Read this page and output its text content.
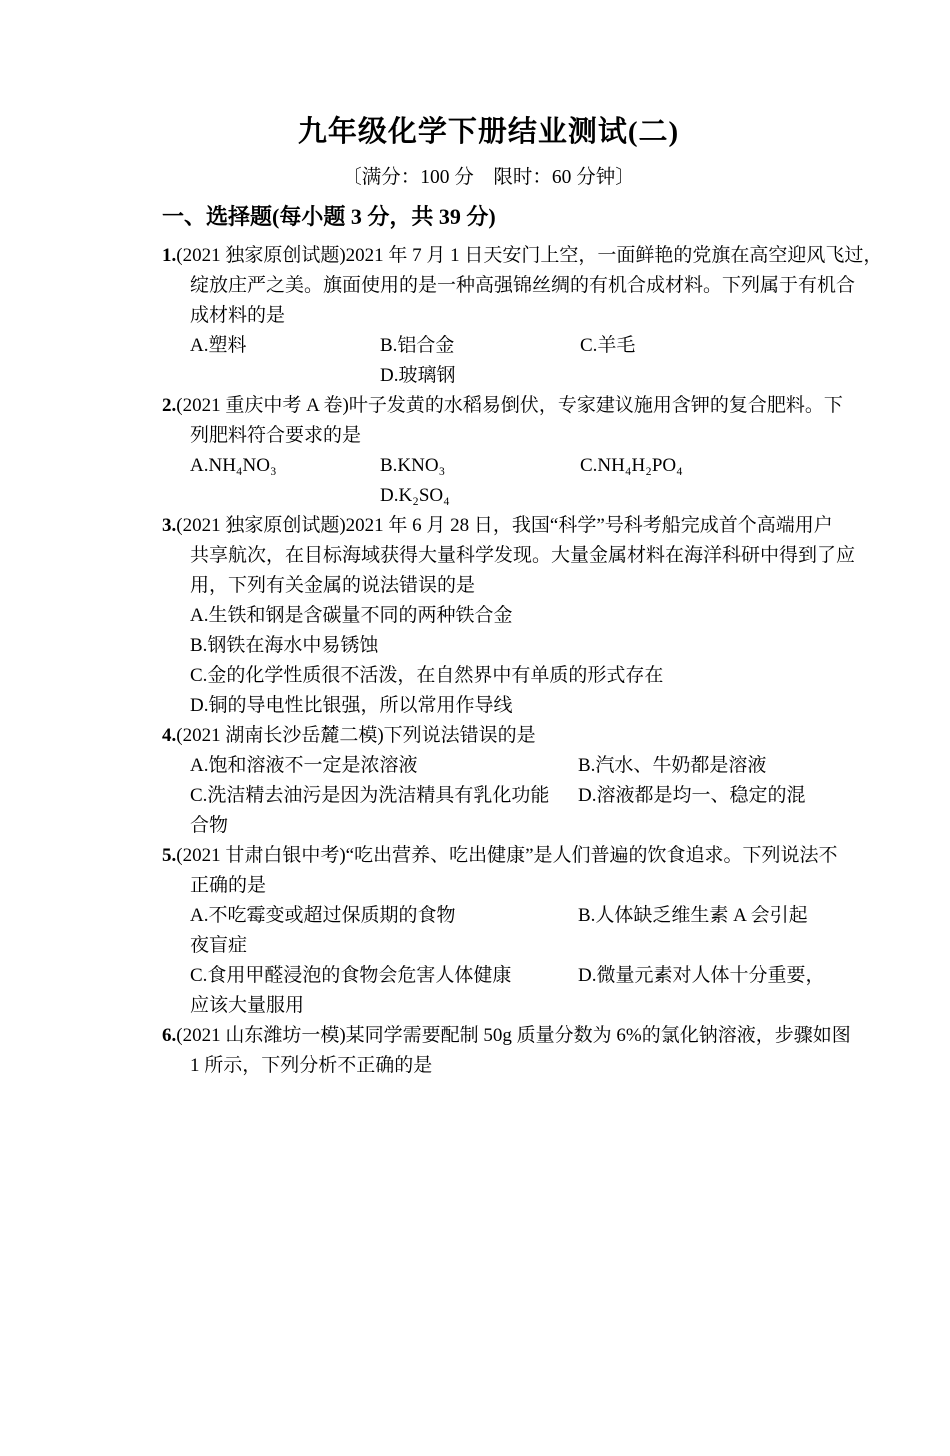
九年级化学下册结业测试(二)
〔满分：100 分　限时：60 分钟〕
一、选择题(每小题 3 分，共 39 分)
1.(2021 独家原创试题)2021 年 7 月 1 日天安门上空，一面鲜艳的党旗在高空迎风飞过，
绽放庄严之美。旗面使用的是一种高强锦丝绸的有机合成材料。下列属于有机合
成材料的是
A.塑料	B.铝合金	C.羊毛
D.玻璃钢
2.(2021 重庆中考 A 卷)叶子发黄的水稻易倒伏，专家建议施用含钾的复合肥料。下
列肥料符合要求的是
A.NH₄NO₃	B.KNO₃	C.NH₄H₂PO₄
D.K₂SO₄
3.(2021 独家原创试题)2021 年 6 月 28 日，我国“科学”号科考船完成首个高端用户
共享航次，在目标海域获得大量科学发现。大量金属材料在海洋科研中得到了应
用，下列有关金属的说法错误的是
A.生铁和钢是含碳量不同的两种铁合金
B.钢铁在海水中易锈蚀
C.金的化学性质很不活泼，在自然界中有单质的形式存在
D.铜的导电性比银强，所以常用作导线
4.(2021 湖南长沙岳麓二模)下列说法错误的是
A.饱和溶液不一定是浓溶液	B.汽水、牛奶都是溶液
C.洗洁精去油污是因为洗洁精具有乳化功能 D.溶液都是均一、稳定的混
合物
5.(2021 甘肃白银中考)“吃出营养、吃出健康”是人们普遍的饮食追求。下列说法不
正确的是
A.不吃霉变或超过保质期的食物	B.人体缺乏维生素 A 会引起
夜盲症
C.食用甲醛浸泡的食物会危害人体健康	D.微量元素对人体十分重要，
应该大量服用
6.(2021 山东潍坊一模)某同学需要配制 50g 质量分数为 6%的氯化钠溶液，步骤如图
1 所示，下列分析不正确的是
